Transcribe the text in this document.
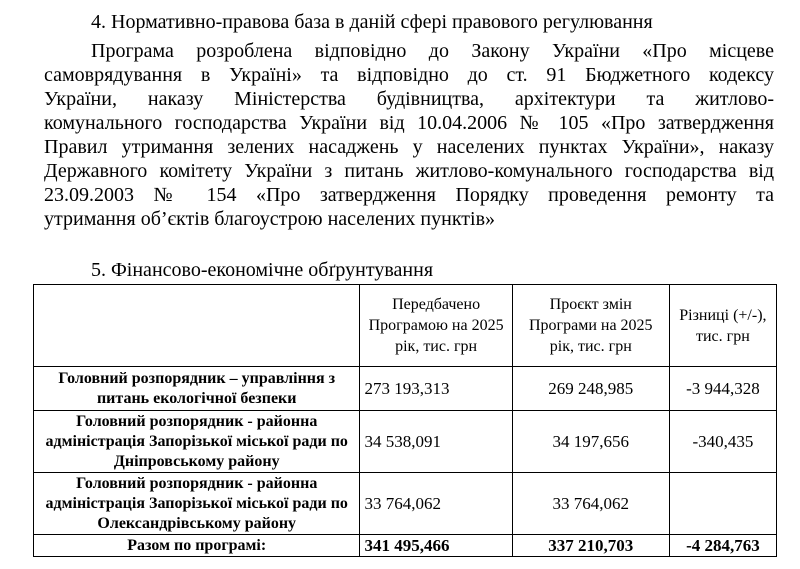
4. Нормативно-правова база в даній сфері правового регулювання
Програма розроблена відповідно до Закону України «Про місцеве
самоврядування в Україні» та відповідно до ст. 91 Бюджетного кодексу
України, наказу Міністерства будівництва, архітектури та житлово-
комунального господарства України від 10.04.2006 № 105 «Про затвердження
Правил утримання зелених насаджень у населених пунктах України», наказу
Державного комітету України з питань житлово-комунального господарства від
23.09.2003 № 154 «Про затвердження Порядку проведення ремонту та
утримання об’єктів благоустрою населених пунктів»
5. Фінансово-економічне обґрунтування
	Передбачено Програмою на 2025 рік, тис. грн	Проєкт змін Програми на 2025 рік, тис. грн	Різниці (+/-), тис. грн
Головний розпорядник – управління з питань екологічної безпеки	273 193,313	269 248,985	-3 944,328
Головний розпорядник - районна адміністрація Запорізької міської ради по Дніпровському району	34 538,091	34 197,656	-340,435
Головний розпорядник - районна адміністрація Запорізької міської ради по Олександрівському району	33 764,062	33 764,062	
Разом по програмі:	341 495,466	337 210,703	-4 284,763
